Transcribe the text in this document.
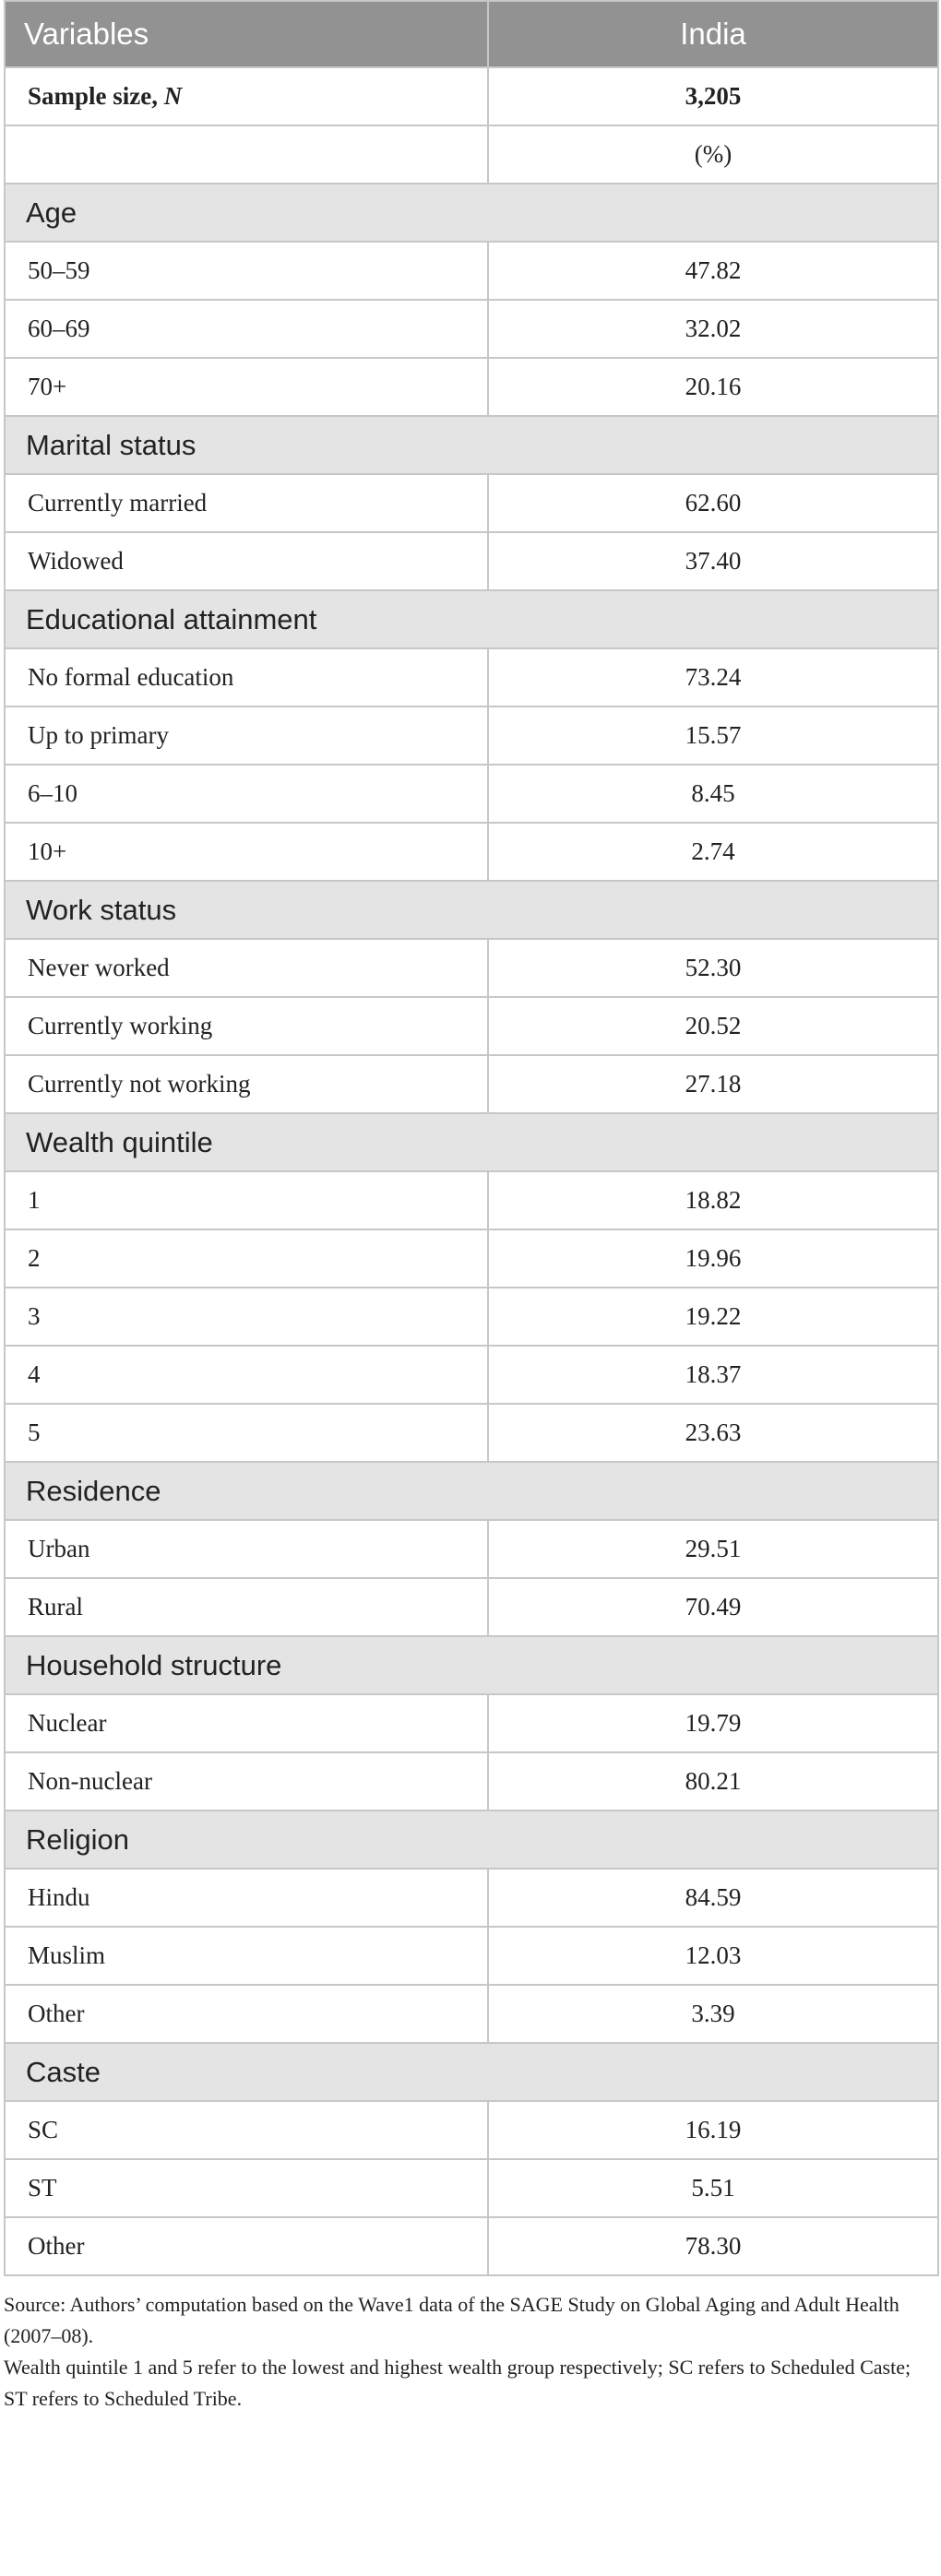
Variables	India
Sample size, N	3,205
	(%)
Age	
50–59	47.82
60–69	32.02
70+	20.16
Marital status	
Currently married	62.60
Widowed	37.40
Educational attainment	
No formal education	73.24
Up to primary	15.57
6–10	8.45
10+	2.74
Work status	
Never worked	52.30
Currently working	20.52
Currently not working	27.18
Wealth quintile	
1	18.82
2	19.96
3	19.22
4	18.37
5	23.63
Residence	
Urban	29.51
Rural	70.49
Household structure	
Nuclear	19.79
Non-nuclear	80.21
Religion	
Hindu	84.59
Muslim	12.03
Other	3.39
Caste	
SC	16.19
ST	5.51
Other	78.30
Source: Authors’ computation based on the Wave1 data of the SAGE Study on Global Aging and Adult Health (2007–08).
Wealth quintile 1 and 5 refer to the lowest and highest wealth group respectively; SC refers to Scheduled Caste; ST refers to Scheduled Tribe.
